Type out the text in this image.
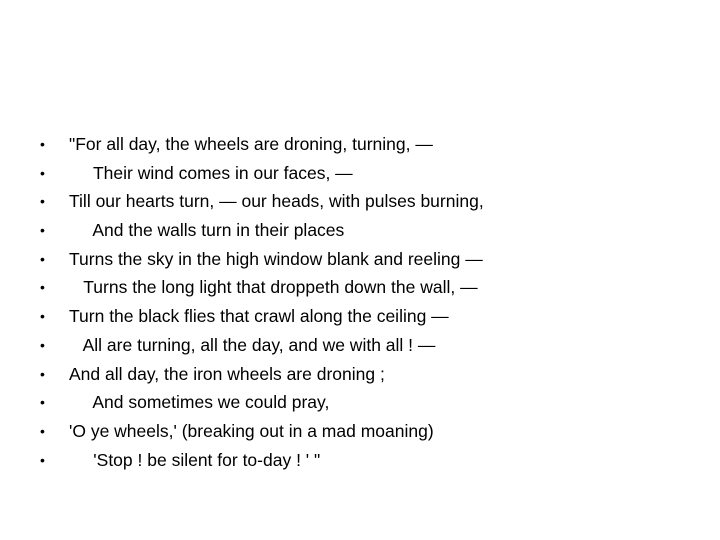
• "For all day, the wheels are droning, turning, —
• Their wind comes in our faces, —
• Till our hearts turn, — our heads, with pulses burning,
• And the walls turn in their places
• Turns the sky in the high window blank and reeling —
• Turns the long light that droppeth down the wall, —
• Turn the black flies that crawl along the ceiling —
• All are turning, all the day, and we with all ! —
• And all day, the iron wheels are droning ;
• And sometimes we could pray,
• 'O ye wheels,' (breaking out in a mad moaning)
• 'Stop ! be silent for to-day ! ' "
